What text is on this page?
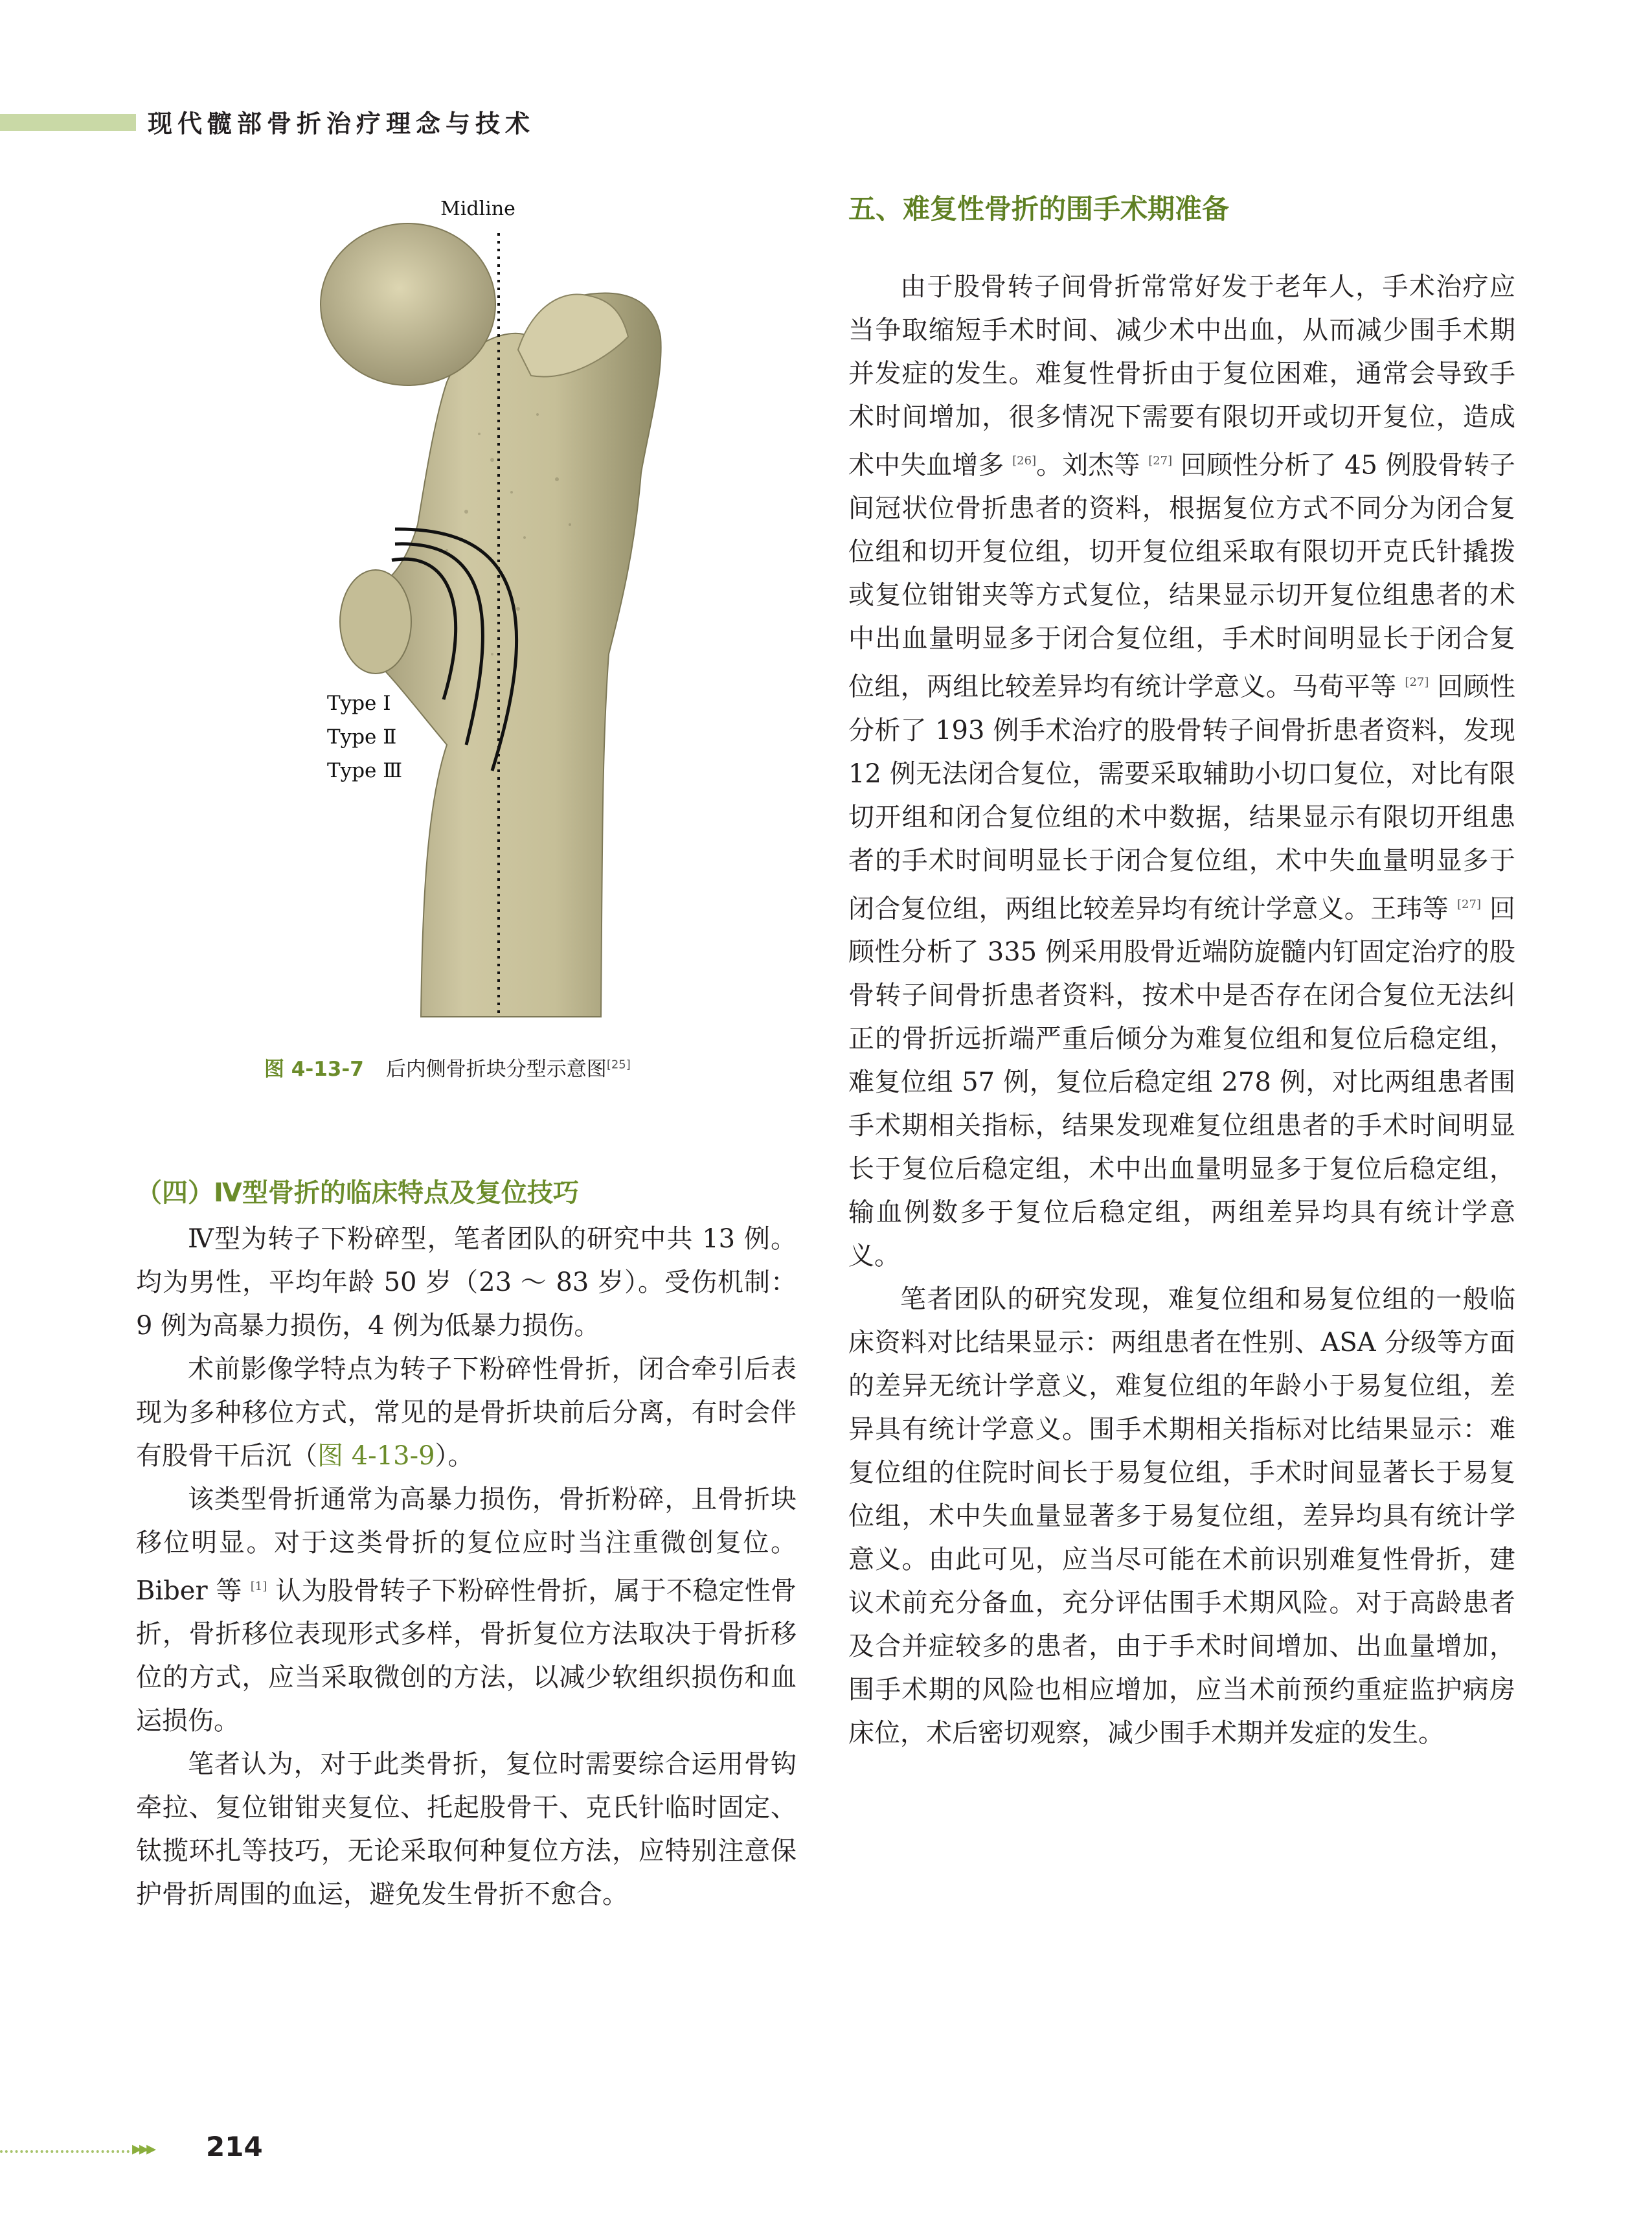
现代髋部骨折治疗理念与技术
Midline
Type Ⅰ
Type Ⅱ
Type Ⅲ
图 4-13-7 后内侧骨折块分型示意图[25]
（四）Ⅳ型骨折的临床特点及复位技巧

Ⅳ型为转子下粉碎型，笔者团队的研究中共 13 例。均为男性，平均年龄 50 岁（23 ～ 83 岁）。受伤机制：9 例为高暴力损伤，4 例为低暴力损伤。

术前影像学特点为转子下粉碎性骨折，闭合牵引后表现为多种移位方式，常见的是骨折块前后分离，有时会伴有股骨干后沉（图 4-13-9）。

该类型骨折通常为高暴力损伤，骨折粉碎，且骨折块移位明显。对于这类骨折的复位应时当注重微创复位。Biber 等 [1] 认为股骨转子下粉碎性骨折，属于不稳定性骨折，骨折移位表现形式多样，骨折复位方法取决于骨折移位的方式，应当采取微创的方法，以减少软组织损伤和血运损伤。

笔者认为，对于此类骨折，复位时需要综合运用骨钩牵拉、复位钳钳夹复位、托起股骨干、克氏针临时固定、钛揽环扎等技巧，无论采取何种复位方法，应特别注意保护骨折周围的血运，避免发生骨折不愈合。

五、难复性骨折的围手术期准备

由于股骨转子间骨折常常好发于老年人，手术治疗应当争取缩短手术时间、减少术中出血，从而减少围手术期并发症的发生。难复性骨折由于复位困难，通常会导致手术时间增加，很多情况下需要有限切开或切开复位，造成术中失血增多 [26]。刘杰等 [27] 回顾性分析了 45 例股骨转子间冠状位骨折患者的资料，根据复位方式不同分为闭合复位组和切开复位组，切开复位组采取有限切开克氏针撬拨或复位钳钳夹等方式复位，结果显示切开复位组患者的术中出血量明显多于闭合复位组，手术时间明显长于闭合复位组，两组比较差异均有统计学意义。马荀平等 [27] 回顾性分析了 193 例手术治疗的股骨转子间骨折患者资料，发现 12 例无法闭合复位，需要采取辅助小切口复位，对比有限切开组和闭合复位组的术中数据，结果显示有限切开组患者的手术时间明显长于闭合复位组，术中失血量明显多于闭合复位组，两组比较差异均有统计学意义。王玮等 [27] 回顾性分析了 335 例采用股骨近端防旋髓内钉固定治疗的股骨转子间骨折患者资料，按术中是否存在闭合复位无法纠正的骨折远折端严重后倾分为难复位组和复位后稳定组，难复位组 57 例，复位后稳定组 278 例，对比两组患者围手术期相关指标，结果发现难复位组患者的手术时间明显长于复位后稳定组，术中出血量明显多于复位后稳定组，输血例数多于复位后稳定组，两组差异均具有统计学意义。

笔者团队的研究发现，难复位组和易复位组的一般临床资料对比结果显示：两组患者在性别、ASA 分级等方面的差异无统计学意义，难复位组的年龄小于易复位组，差异具有统计学意义。围手术期相关指标对比结果显示：难复位组的住院时间长于易复位组，手术时间显著长于易复位组，术中失血量显著多于易复位组，差异均具有统计学意义。由此可见，应当尽可能在术前识别难复性骨折，建议术前充分备血，充分评估围手术期风险。对于高龄患者及合并症较多的患者，由于手术时间增加、出血量增加，围手术期的风险也相应增加，应当术前预约重症监护病房床位，术后密切观察，减少围手术期并发症的发生。

▸▸▸ 214
